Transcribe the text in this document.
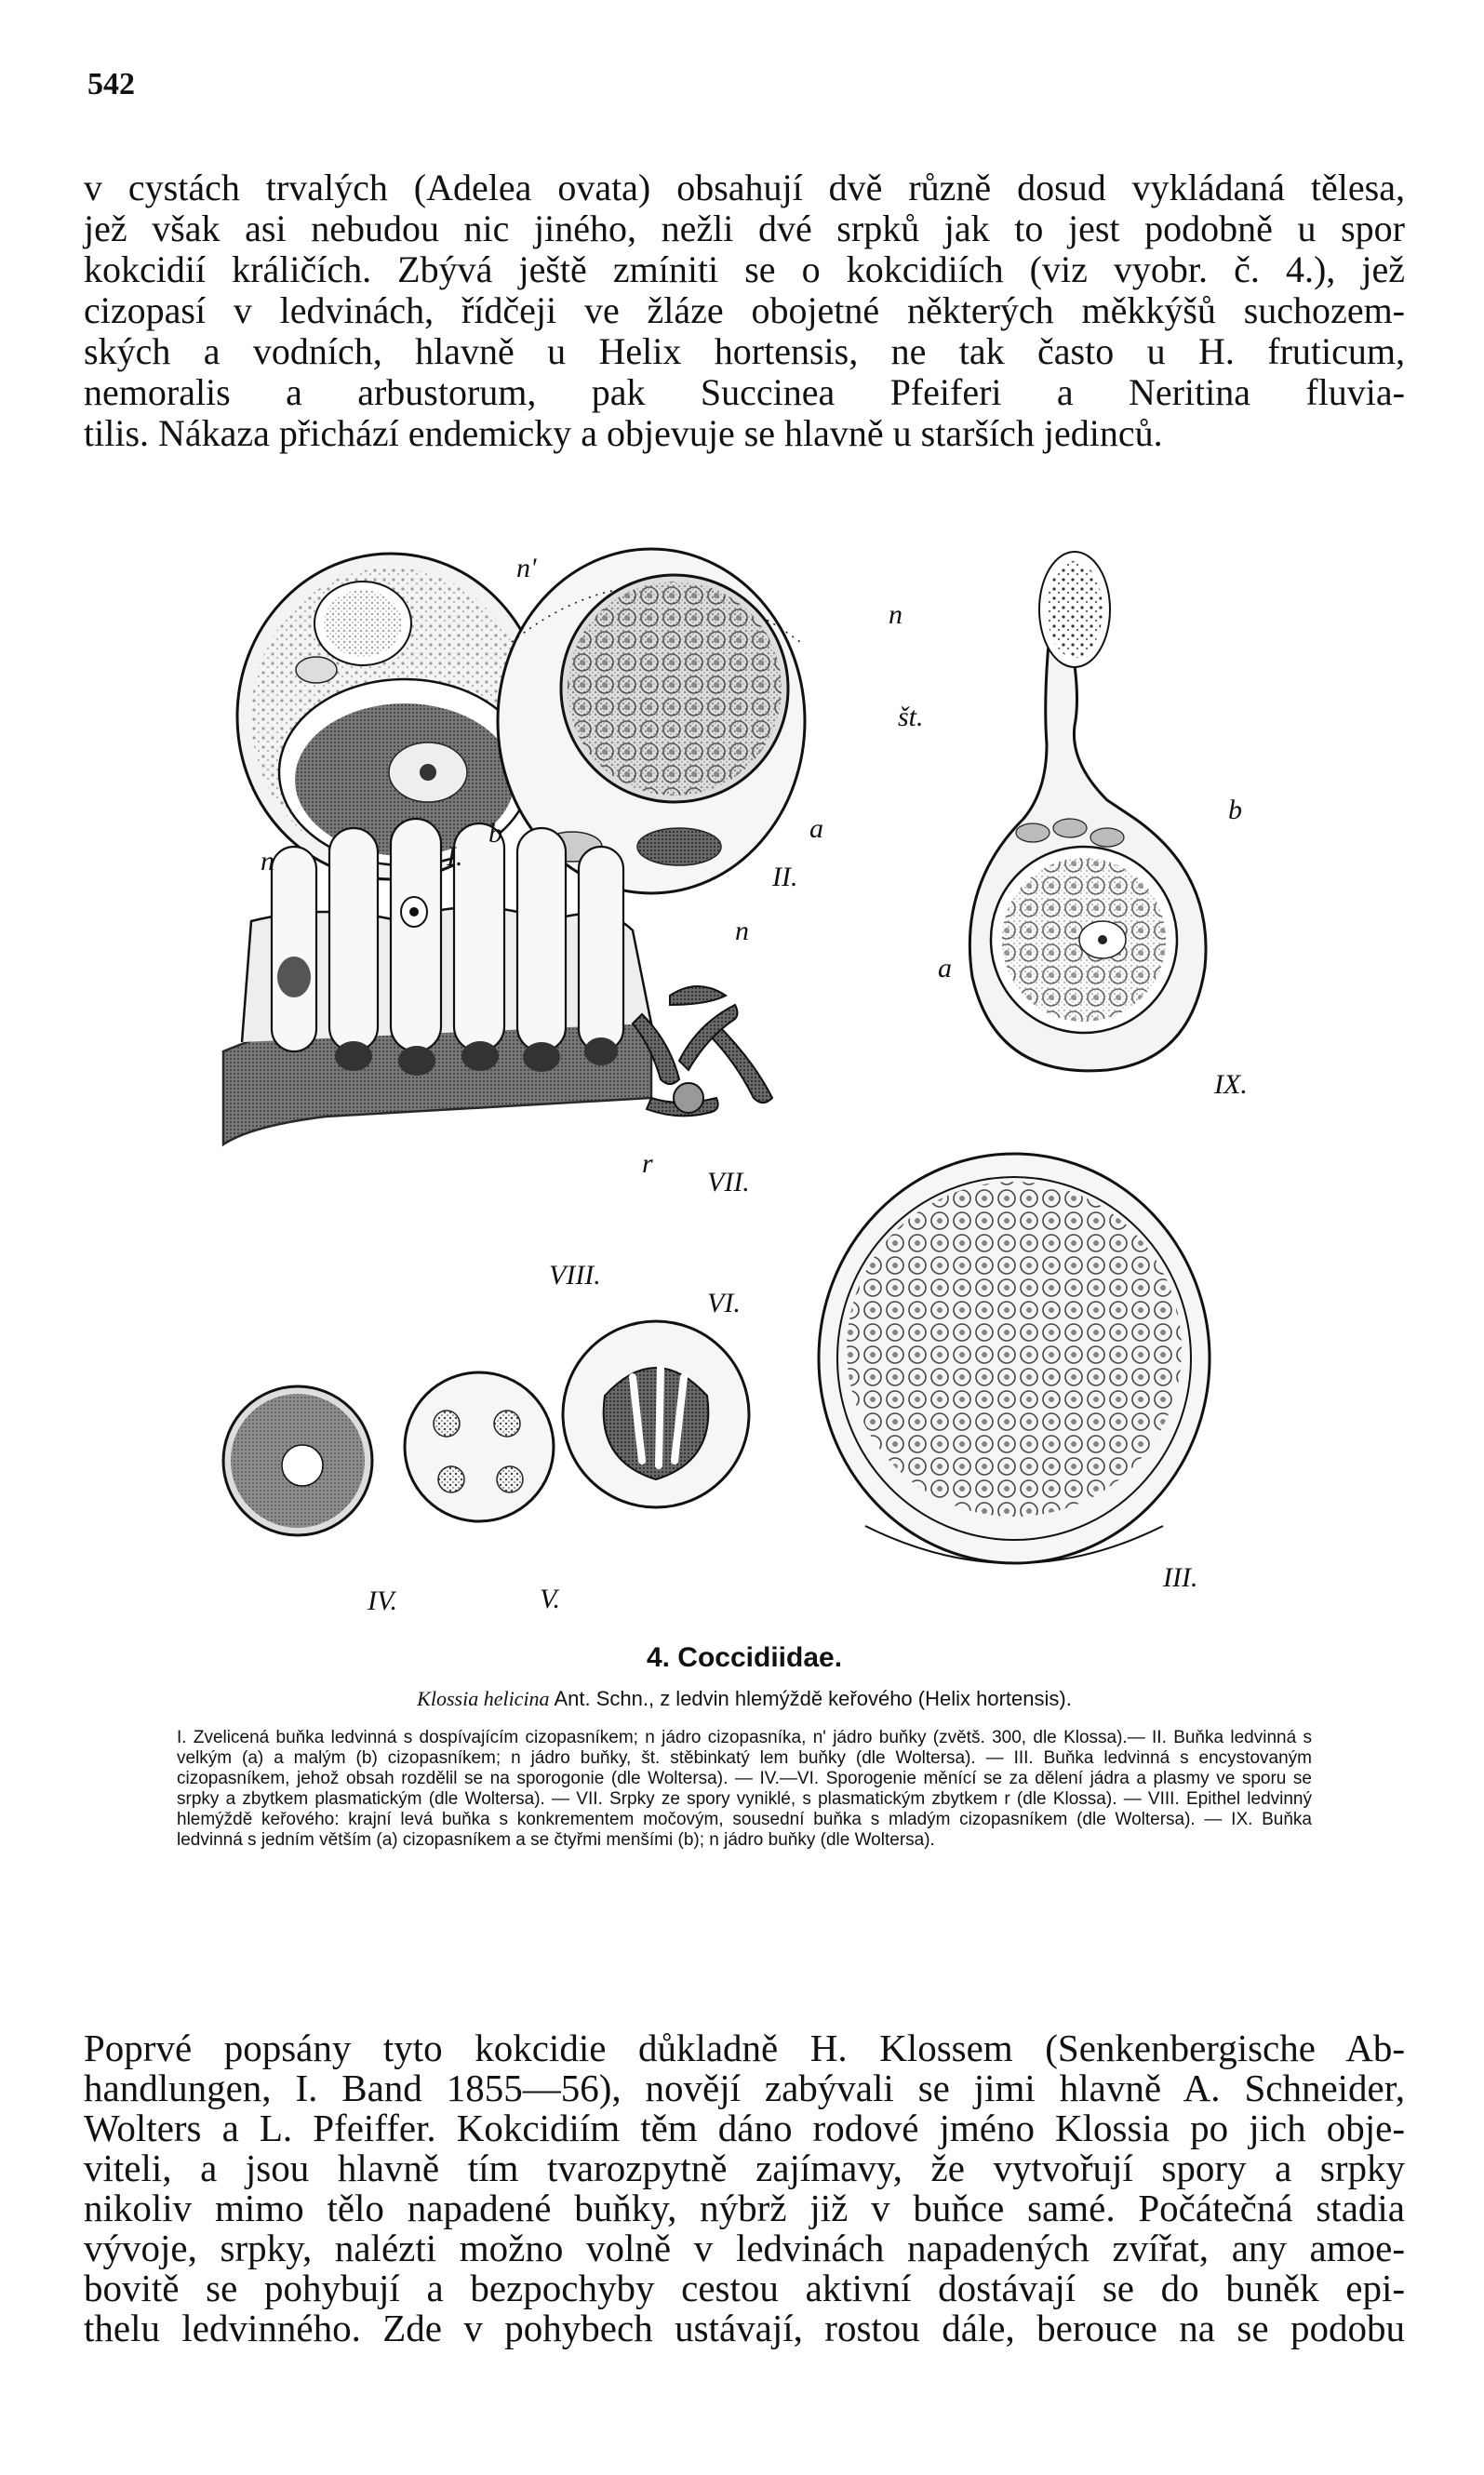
542
v cystách trvalých (Adelea ovata) obsahují dvě různě dosud vykládaná tělesa,
jež však asi nebudou nic jiného, nežli dvé srpků jak to jest podobně u spor
kokcidií králičích. Zbývá ještě zmíniti se o kokcidiích (viz vyobr. č. 4.), jež
cizopasí v ledvinách, řídčeji ve žláze obojetné některých měkkýšů suchozem-
ských a vodních, hlavně u Helix hortensis, ne tak často u H. fruticum,
nemoralis a arbustorum, pak Succinea Pfeiferi a Neritina fluvia-
tilis. Nákaza přichází endemicky a objevuje se hlavně u starších jedinců.
n'
n	I.
b
II.
a
n
n
št.
b
a
IX.
r
VII.
VIII.
VI.
III.
IV.	V.

4. Coccidiidae.

Klossia helicina Ant. Schn., z ledvin hlemýždě keřového (Helix hortensis).

I. Zvelicená buňka ledvinná s dospívajícím cizopasníkem; n jádro cizopasníka, n' jádro buňky (zvětš. 300, dle Klossa).— II. Buňka ledvinná s velkým (a) a malým (b) cizopasníkem; n jádro buňky, št. stěbinkatý lem buňky (dle Woltersa). — III. Buňka ledvinná s encystovaným cizopasníkem, jehož obsah rozdělil se na sporogonie (dle Woltersa). — IV.—VI. Sporogenie měnící se za dělení jádra a plasmy ve sporu se srpky a zbytkem plasmatickým (dle Woltersa). — VII. Srpky ze spory vyniklé, s plasmatickým zbytkem r (dle Klossa). — VIII. Epithel ledvinný hlemýždě keřového: krajní levá buňka s konkrementem močovým, sousední buňka s mladým cizopasníkem (dle Woltersa). — IX. Buňka ledvinná s jedním větším (a) cizopasníkem a se čtyřmi menšími (b); n jádro buňky (dle Woltersa).

Poprvé popsány tyto kokcidie důkladně H. Klossem (Senkenbergische Ab-
handlungen, I. Band 1855—56), novějí zabývali se jimi hlavně A. Schneider,
Wolters a L. Pfeiffer. Kokcidiím těm dáno rodové jméno Klossia po jich obje-
viteli, a jsou hlavně tím tvarozpytně zajímavy, že vytvořují spory a srpky
nikoliv mimo tělo napadené buňky, nýbrž již v buňce samé. Počátečná stadia
vývoje, srpky, nalézti možno volně v ledvinách napadených zvířat, any amoe-
bovitě se pohybují a bezpochyby cestou aktivní dostávají se do buněk epi-
thelu ledvinného. Zde v pohybech ustávají, rostou dále, berouce na se podobu
